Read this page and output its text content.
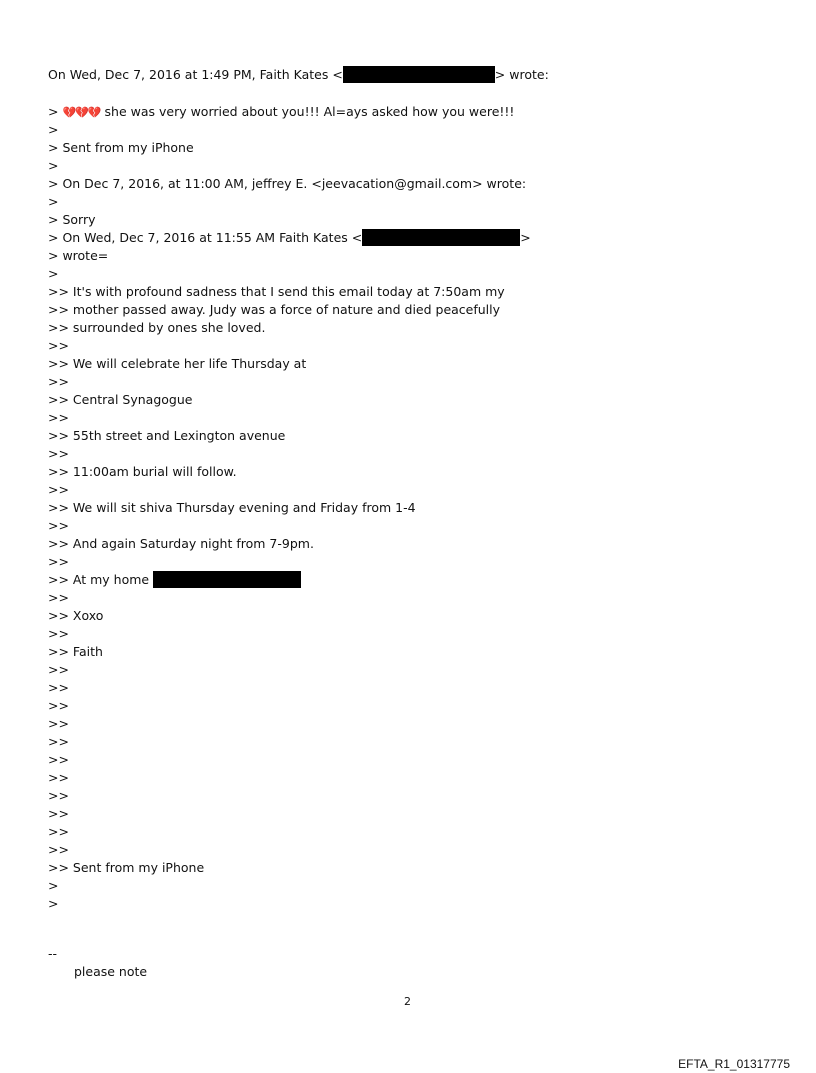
On Wed, Dec 7, 2016 at 1:49 PM, Faith Kates <	> wrote:
> 💔💔💔 she was very worried about you!!! Al=ays asked how you were!!!
>
> Sent from my iPhone
>
> On Dec 7, 2016, at 11:00 AM, jeffrey E. <jeevacation@gmail.com> wrote:
>
> Sorry
> On Wed, Dec 7, 2016 at 11:55 AM Faith Kates <	>
> wrote=
>
>> It's with profound sadness that I send this email today at 7:50am my
>> mother passed away. Judy was a force of nature and died peacefully
>> surrounded by ones she loved.
>>
>> We will celebrate her life Thursday at
>>
>> Central Synagogue
>>
>> 55th street and Lexington avenue
>>
>> 11:00am burial will follow.
>>
>> We will sit shiva Thursday evening and Friday from 1-4
>>
>> And again Saturday night from 7-9pm.
>>
>> At my home
>>
>> Xoxo
>>
>> Faith
>>
>>
>>
>>
>>
>>
>>
>>
>>
>>
>>
>> Sent from my iPhone
>
>
--
please note
2
EFTA_R1_01317775
